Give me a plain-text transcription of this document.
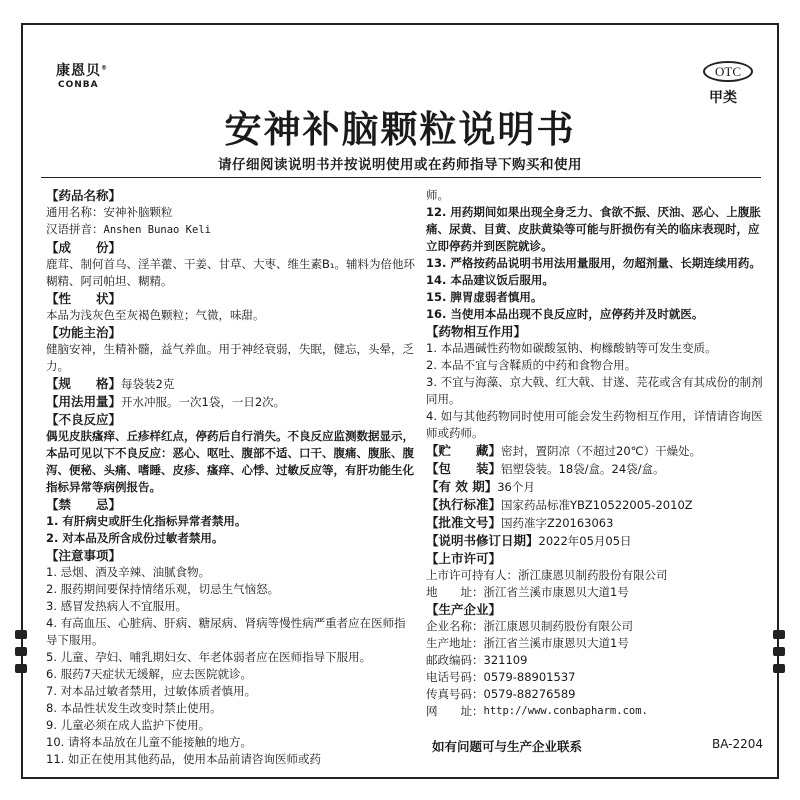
康恩贝®
CONBA
OTC
甲类
安神补脑颗粒说明书
请仔细阅读说明书并按说明使用或在药师指导下购买和使用
【药品名称】
通用名称：安神补脑颗粒
汉语拼音：Anshen Bunao Keli
【成　　份】
鹿茸、制何首乌、淫羊藿、干姜、甘草、大枣、维生素B₁。辅料为倍他环糊精、阿司帕坦、糊精。
【性　　状】
本品为浅灰色至灰褐色颗粒；气微，味甜。
【功能主治】
健脑安神，生精补髓，益气养血。用于神经衰弱，失眠，健忘，头晕，乏力。
【规　　格】 每袋装2克
【用法用量】 开水冲服。一次1袋，一日2次。
【不良反应】
偶见皮肤瘙痒、丘疹样红点，停药后自行消失。不良反应监测数据显示，本品可见以下不良反应：恶心、呕吐、腹部不适、口干、腹痛、腹胀、腹泻、便秘、头痛、嗜睡、皮疹、瘙痒、心悸、过敏反应等，有肝功能生化指标异常等病例报告。
【禁　　忌】
1. 有肝病史或肝生化指标异常者禁用。
2. 对本品及所含成份过敏者禁用。
【注意事项】
1. 忌烟、酒及辛辣、油腻食物。
2. 服药期间要保持情绪乐观，切忌生气恼怒。
3. 感冒发热病人不宜服用。
4. 有高血压、心脏病、肝病、糖尿病、肾病等慢性病严重者应在医师指导下服用。
5. 儿童、孕妇、哺乳期妇女、年老体弱者应在医师指导下服用。
6. 服药7天症状无缓解，应去医院就诊。
7. 对本品过敏者禁用，过敏体质者慎用。
8. 本品性状发生改变时禁止使用。
9. 儿童必须在成人监护下使用。
10. 请将本品放在儿童不能接触的地方。
11. 如正在使用其他药品，使用本品前请咨询医师或药
师。
12. 用药期间如果出现全身乏力、食欲不振、厌油、恶心、上腹胀痛、尿黄、目黄、皮肤黄染等可能与肝损伤有关的临床表现时，应立即停药并到医院就诊。
13. 严格按药品说明书用法用量服用，勿超剂量、长期连续用药。
14. 本品建议饭后服用。
15. 脾胃虚弱者慎用。
16. 当使用本品出现不良反应时，应停药并及时就医。
【药物相互作用】
1. 本品遇碱性药物如碳酸氢钠、枸橼酸钠等可发生变质。
2. 本品不宜与含鞣质的中药和食物合用。
3. 不宜与海藻、京大戟、红大戟、甘遂、芫花或含有其成份的制剂同用。
4. 如与其他药物同时使用可能会发生药物相互作用，详情请咨询医师或药师。
【贮　　藏】 密封，置阴凉（不超过20℃）干燥处。
【包　　装】 铝塑袋装。18袋/盒。24袋/盒。
【有 效 期】 36个月
【执行标准】 国家药品标准YBZ10522005-2010Z
【批准文号】 国药准字Z20163063
【说明书修订日期】 2022年05月05日
【上市许可】
上市许可持有人： 浙江康恩贝制药股份有限公司
地　　址： 浙江省兰溪市康恩贝大道1号
【生产企业】
企业名称： 浙江康恩贝制药股份有限公司
生产地址： 浙江省兰溪市康恩贝大道1号
邮政编码： 321109
电话号码： 0579-88901537
传真号码： 0579-88276589
网　　址： http://www.conbapharm.com.
如有问题可与生产企业联系	BA-2204
